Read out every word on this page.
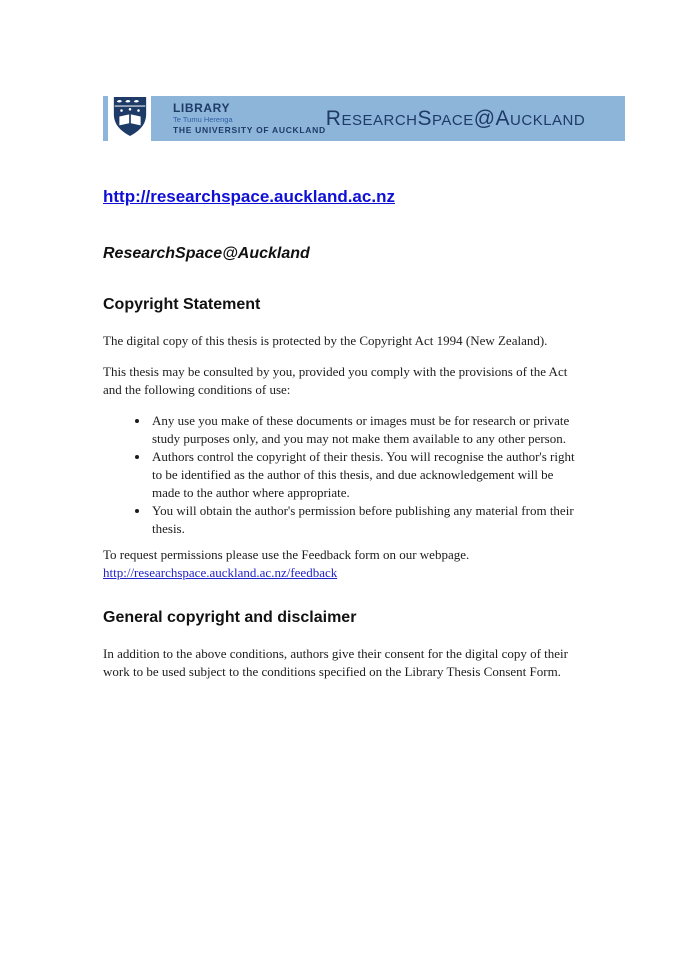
LIBRARY
Te Tumu Herenga
THE UNIVERSITY OF AUCKLAND
ResearchSpace@Auckland
http://researchspace.auckland.ac.nz
ResearchSpace@Auckland
Copyright Statement

The digital copy of this thesis is protected by the Copyright Act 1994 (New Zealand).

This thesis may be consulted by you, provided you comply with the provisions of the Act and the following conditions of use:

• Any use you make of these documents or images must be for research or private study purposes only, and you may not make them available to any other person.
• Authors control the copyright of their thesis. You will recognise the author's right to be identified as the author of this thesis, and due acknowledgement will be made to the author where appropriate.
• You will obtain the author's permission before publishing any material from their thesis.

To request permissions please use the Feedback form on our webpage.
http://researchspace.auckland.ac.nz/feedback

General copyright and disclaimer

In addition to the above conditions, authors give their consent for the digital copy of their work to be used subject to the conditions specified on the Library Thesis Consent Form.
